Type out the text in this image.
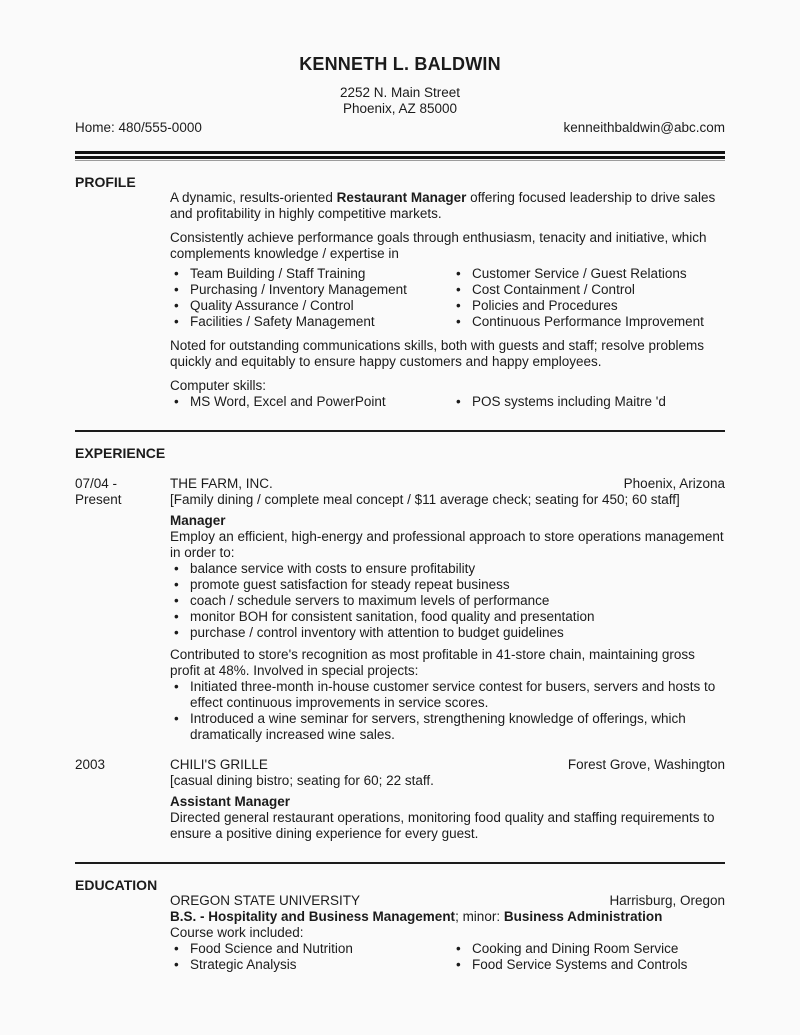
KENNETH L. BALDWIN

2252 N. Main Street

Phoenix, AZ 85000

Home: 480/555-0000	kenneithbaldwin@abc.com
PROFILE

A dynamic, results-oriented Restaurant Manager offering focused leadership to drive sales and profitability in highly competitive markets.

Consistently achieve performance goals through enthusiasm, tenacity and initiative, which complements knowledge / expertise in

•
Team Building / Staff Training •	Customer Service / Guest Relations
•
Purchasing / Inventory Management •	Cost Containment / Control
•
Quality Assurance / Control •	Policies and Procedures
•
Facilities / Safety Management •	Continuous Performance Improvement

Noted for outstanding communications skills, both with guests and staff; resolve problems quickly and equitably to ensure happy customers and happy employees.

Computer skills:

•
MS Word, Excel and PowerPoint •	POS systems including Maitre 'd
EXPERIENCE
07/04 -
Present
THE FARM, INC.	Phoenix, Arizona
[Family dining / complete meal concept / $11 average check; seating for 450; 60 staff]
Manager

Employ an efficient, high-energy and professional approach to store operations management in order to:

•
balance service with costs to ensure profitability
•
promote guest satisfaction for steady repeat business
•
coach / schedule servers to maximum levels of performance
•
monitor BOH for consistent sanitation, food quality and presentation
•
purchase / control inventory with attention to budget guidelines

Contributed to store's recognition as most profitable in 41-store chain, maintaining gross profit at 48%. Involved in special projects:

•
Initiated three-month in-house customer service contest for busers, servers and hosts to effect continuous improvements in service scores.
•
Introduced a wine seminar for servers, strengthening knowledge of offerings, which dramatically increased wine sales.
2003	CHILI'S GRILLE	Forest Grove, Washington
[casual dining bistro; seating for 60; 22 staff.
Assistant Manager

Directed general restaurant operations, monitoring food quality and staffing requirements to ensure a positive dining experience for every guest.

EDUCATION
OREGON STATE UNIVERSITY	Harrisburg, Oregon
B.S. - Hospitality and Business Management; minor: Business Administration
Course work included:
•
Food Science and Nutrition •	Cooking and Dining Room Service
•
Strategic Analysis •	Food Service Systems and Controls
